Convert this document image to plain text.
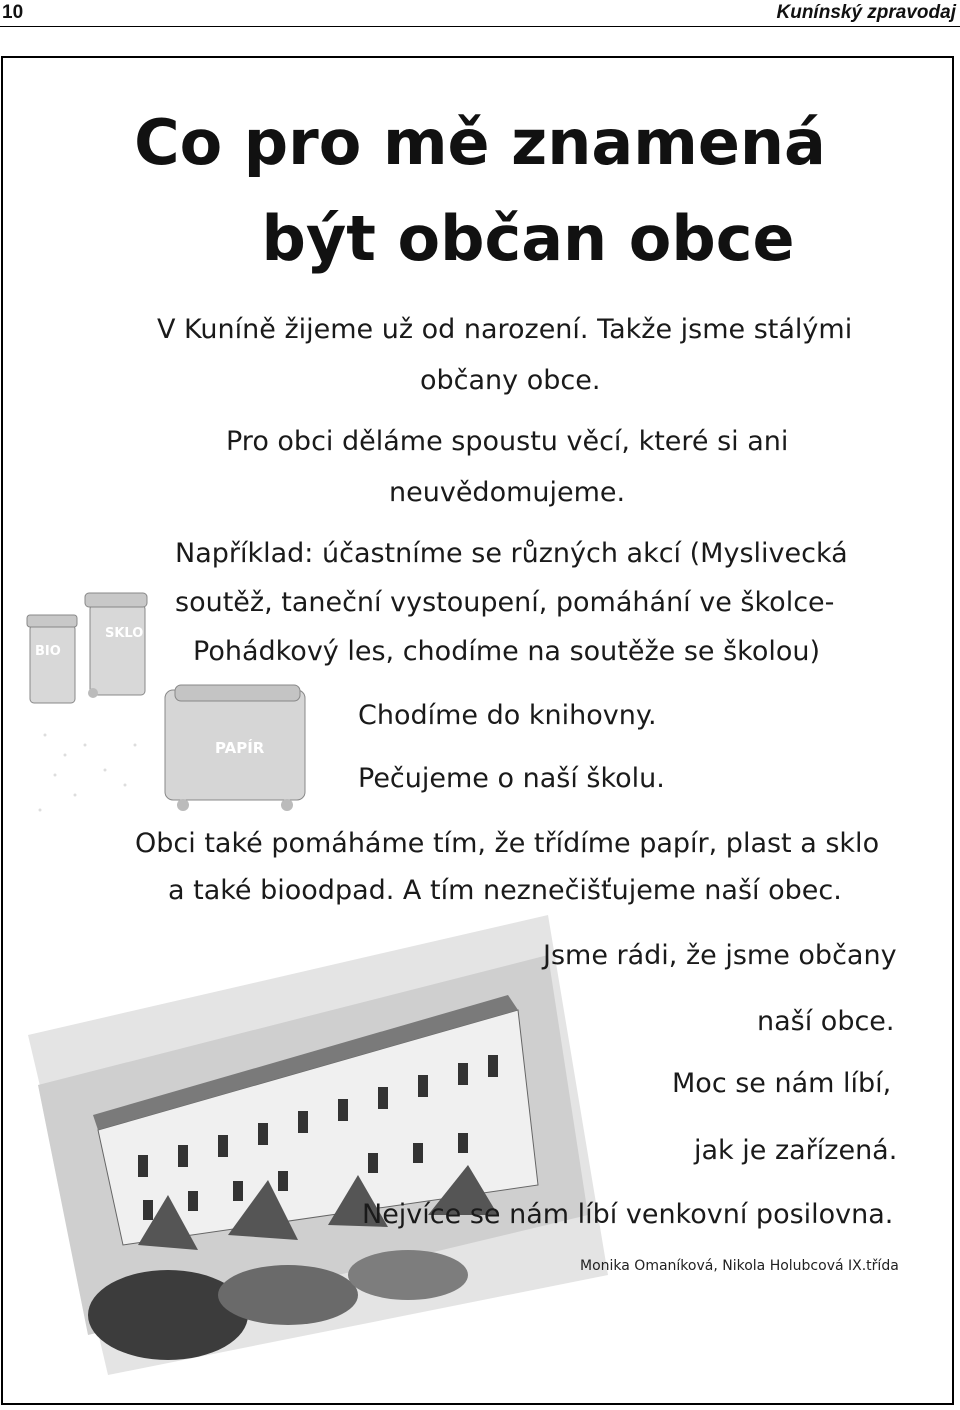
10	Kunínský zpravodaj
Co pro mě znamená
být občan obce
BIO
SKLO
PAPÍR
V Kuníně žijeme už od narození. Takže jsme stálými
občany obce.
Pro obci děláme spoustu věcí, které si ani
neuvědomujeme.
Například: účastníme se různých akcí (Myslivecká
soutěž, taneční vystoupení, pomáhání ve školce-
Pohádkový les, chodíme na soutěže se školou)
Chodíme do knihovny.
Pečujeme o naší školu.
Obci také pomáháme tím, že třídíme papír, plast a sklo
a také bioodpad. A tím neznečišťujeme naší obec.
Jsme rádi, že jsme občany
naší obce.
Moc se nám líbí,
jak je zařízená.
Nejvíce se nám líbí venkovní posilovna.
Monika Omaníková, Nikola Holubcová IX.třída
